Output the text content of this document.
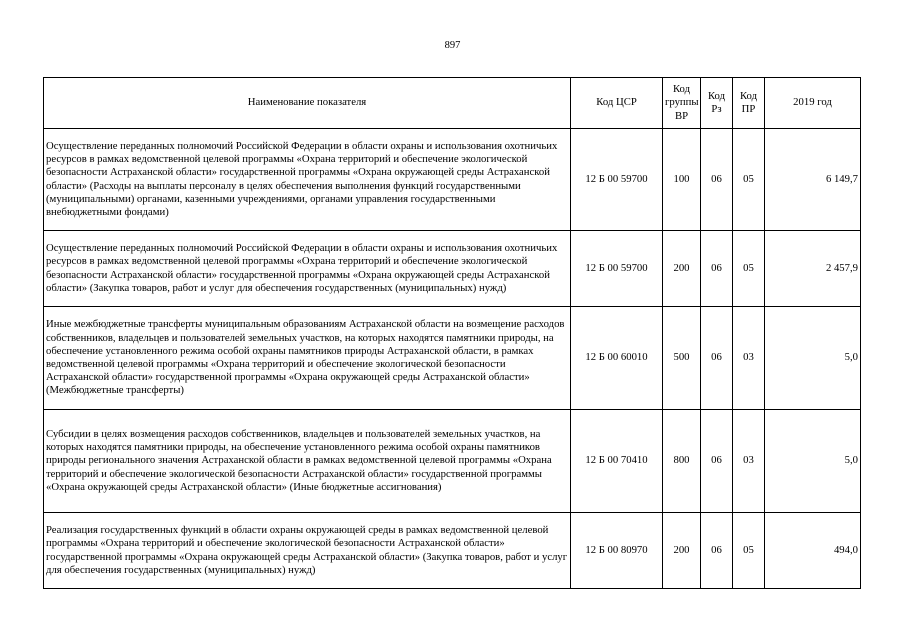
897
Наименование показателя	Код ЦСР	Код группы ВР	Код Рз	Код ПР	2019 год
Осуществление переданных полномочий Российской Федерации в области охраны и использования охотничьих ресурсов в рамках ведомственной целевой программы «Охрана территорий и обеспечение экологической безопасности Астраханской области» государственной программы «Охрана окружающей среды Астраханской области» (Расходы на выплаты персоналу в целях обеспечения выполнения функций государственными (муниципальными) органами, казенными учреждениями, органами управления государственными внебюджетными фондами)	12 Б 00 59700	100	06	05	6 149,7
Осуществление переданных полномочий Российской Федерации в области охраны и использования охотничьих ресурсов в рамках ведомственной целевой программы «Охрана территорий и обеспечение экологической безопасности Астраханской области» государственной программы «Охрана окружающей среды Астраханской области» (Закупка товаров, работ и услуг для обеспечения государственных (муниципальных) нужд)	12 Б 00 59700	200	06	05	2 457,9
Иные межбюджетные трансферты муниципальным образованиям Астраханской области на возмещение расходов собственников, владельцев и пользователей земельных участков, на которых находятся памятники природы, на обеспечение установленного режима особой охраны памятников природы Астраханской области, в рамках ведомственной целевой программы «Охрана территорий и обеспечение экологической безопасности Астраханской области» государственной программы «Охрана окружающей среды Астраханской области» (Межбюджетные трансферты)	12 Б 00 60010	500	06	03	5,0
Субсидии в целях возмещения расходов собственников, владельцев и пользователей земельных участков, на которых находятся памятники природы, на обеспечение установленного режима особой охраны памятников природы регионального значения Астраханской области в рамках ведомственной целевой программы «Охрана территорий и обеспечение экологической безопасности Астраханской области» государственной программы «Охрана окружающей среды Астраханской области» (Иные бюджетные ассигнования)	12 Б 00 70410	800	06	03	5,0
Реализация государственных функций в области охраны окружающей среды в рамках ведомственной целевой программы «Охрана территорий и обеспечение экологической безопасности Астраханской области» государственной программы «Охрана окружающей среды Астраханской области» (Закупка товаров, работ и услуг для обеспечения государственных (муниципальных) нужд)	12 Б 00 80970	200	06	05	494,0
